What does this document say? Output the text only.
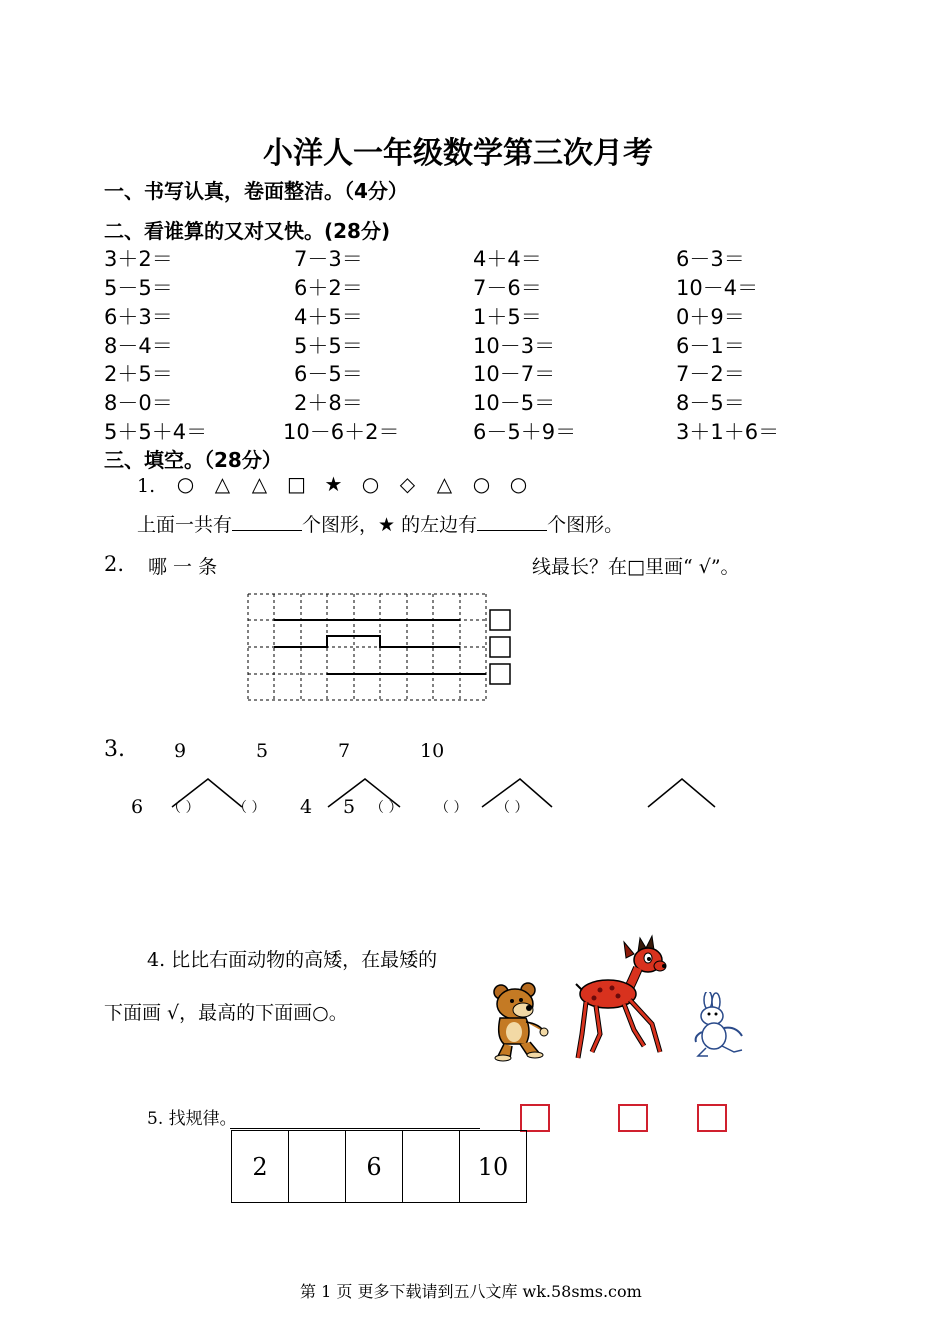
小洋人一年级数学第三次月考
一、书写认真，卷面整洁。（4分）
二、看谁算的又对又快。(28分)
3＋2＝	7－3＝	4＋4＝	6－3＝
5－5＝	6＋2＝	7－6＝	10－4＝
6＋3＝	4＋5＝	1＋5＝	0＋9＝
8－4＝	5＋5＝	10－3＝	6－1＝
2＋5＝	6－5＝	10－7＝	7－2＝
8－0＝	2＋8＝	10－5＝	8－5＝
5＋5＋4＝	10－6＋2＝	6－5＋9＝	3＋1＋6＝
三、填空。（28分）
1.	○ △ △ □ ★ ○ ◇ △ ○ ○
上面一共有	个图形，★ 的左边有	个图形。
2. 哪 一 条	线最长？在□里画“ √”。
3.	9	5	7	10
6 （ ） （ ） 4 5 （ ） （ ） （ ）
4. 比比右面动物的高矮，在最矮的
下面画 √，最高的下面画○。
5. 找规律。
2		6		10
第 1 页 更多下载请到五八文库 wk.58sms.com
